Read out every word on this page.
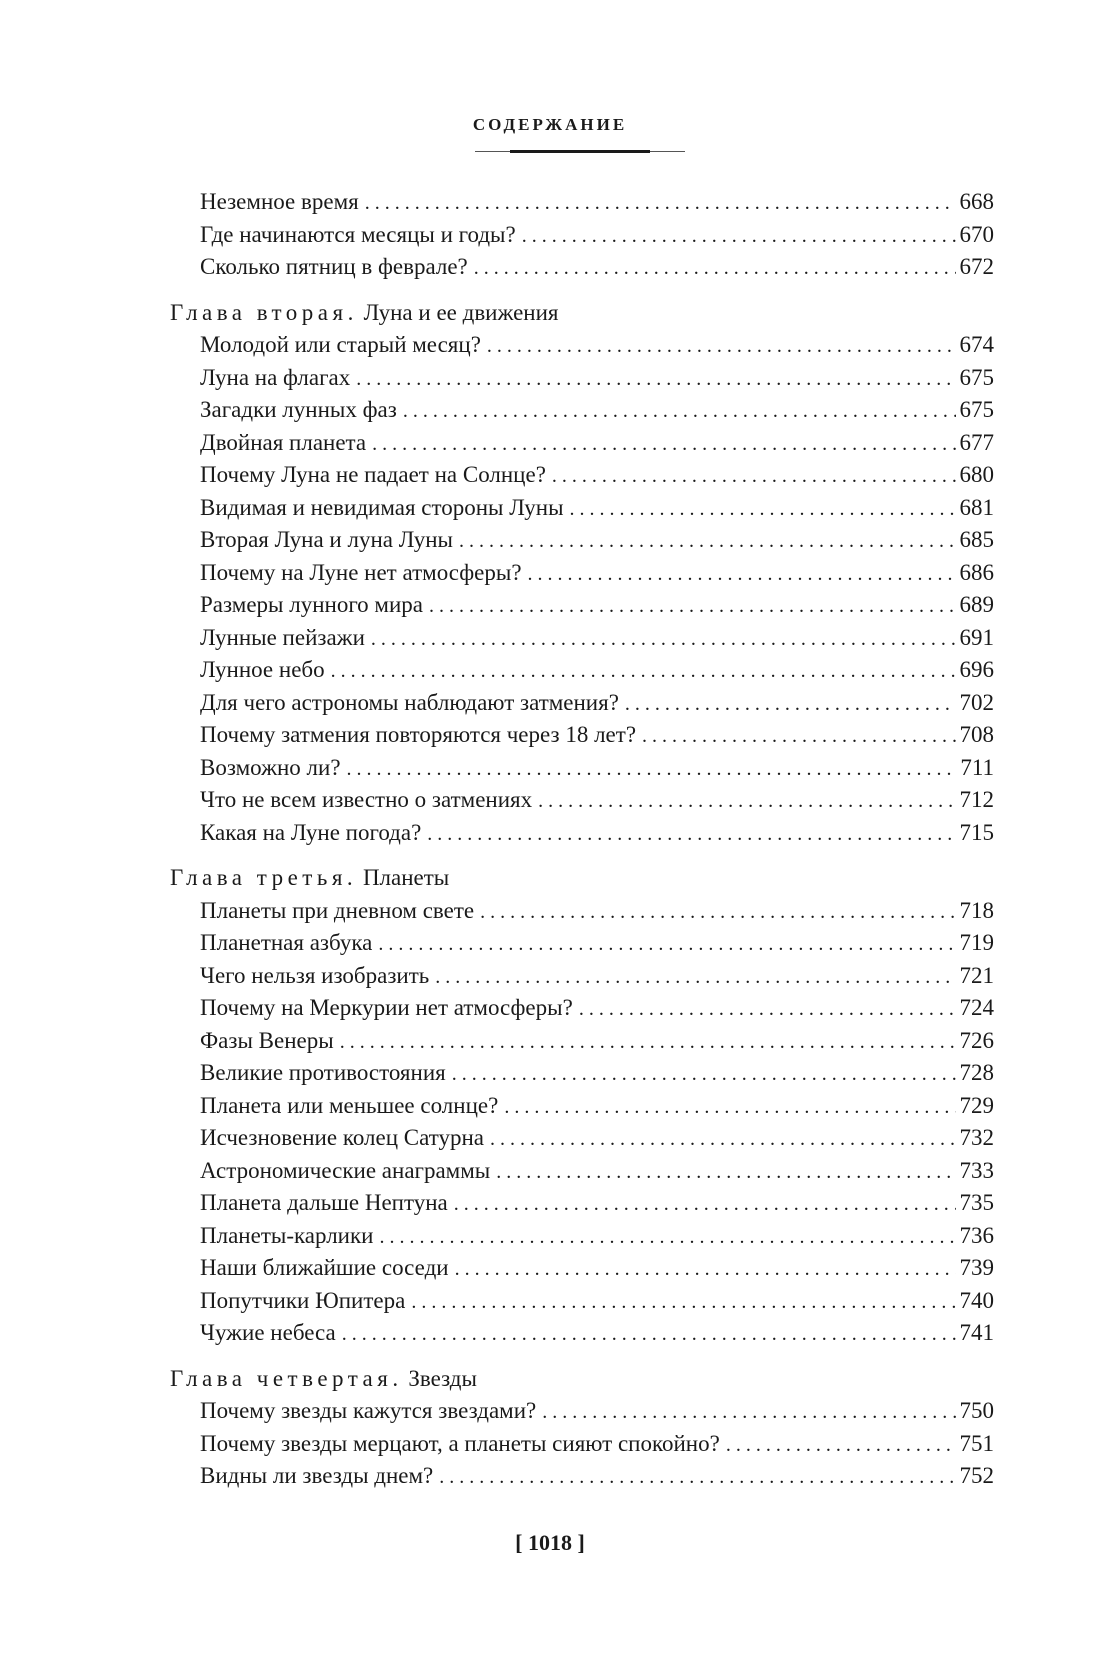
СОДЕРЖАНИЕ
Неземное время . . .	668
Где начинаются месяцы и годы? . . .	670
Сколько пятниц в феврале? . . .	672
Глава вторая. Луна и ее движения
Молодой или старый месяц? . . .	674
Луна на флагах . . .	675
Загадки лунных фаз . . .	675
Двойная планета . . .	677
Почему Луна не падает на Солнце? . . .	680
Видимая и невидимая стороны Луны . . .	681
Вторая Луна и луна Луны . . .	685
Почему на Луне нет атмосферы? . . .	686
Размеры лунного мира . . .	689
Лунные пейзажи . . .	691
Лунное небо . . .	696
Для чего астрономы наблюдают затмения? . . .	702
Почему затмения повторяются через 18 лет? . . .	708
Возможно ли? . . .	711
Что не всем известно о затмениях . . .	712
Какая на Луне погода? . . .	715
Глава третья. Планеты
Планеты при дневном свете . . .	718
Планетная азбука . . .	719
Чего нельзя изобразить . . .	721
Почему на Меркурии нет атмосферы? . . .	724
Фазы Венеры . . .	726
Великие противостояния . . .	728
Планета или меньшее солнце? . . .	729
Исчезновение колец Сатурна . . .	732
Астрономические анаграммы . . .	733
Планета дальше Нептуна . . .	735
Планеты-карлики . . .	736
Наши ближайшие соседи . . .	739
Попутчики Юпитера . . .	740
Чужие небеса . . .	741
Глава четвертая. Звезды
Почему звезды кажутся звездами? . . .	750
Почему звезды мерцают, а планеты сияют спокойно? . . .	751
Видны ли звезды днем? . . .	752
[ 1018 ]
